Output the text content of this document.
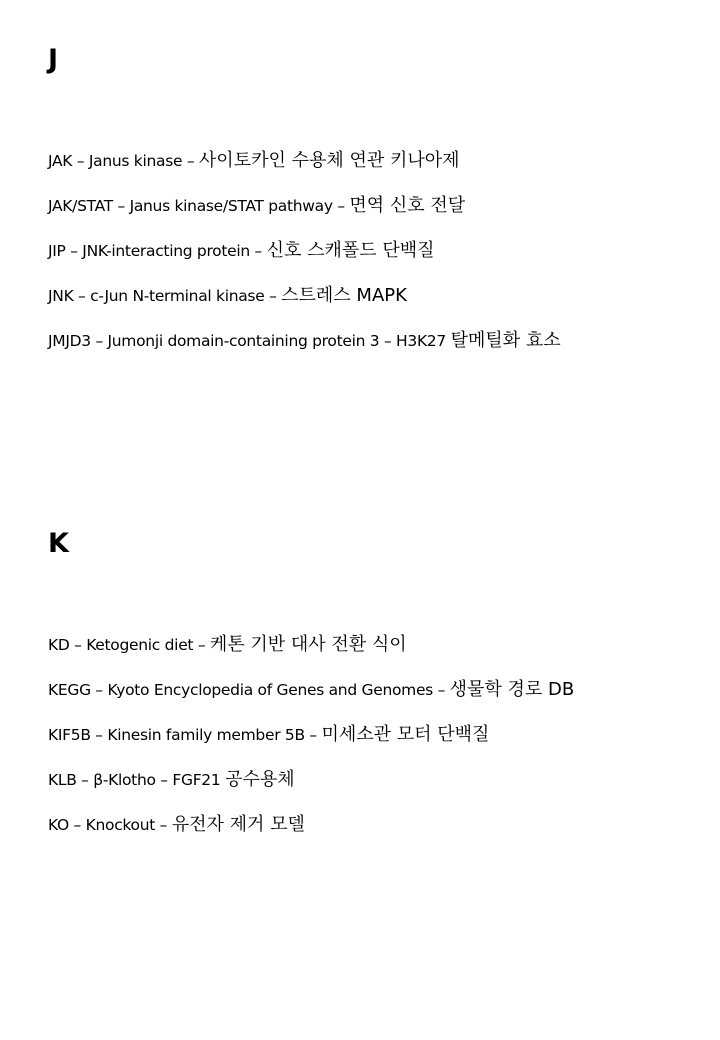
J
JAK – Janus kinase – 사이토카인 수용체 연관 키나아제
JAK/STAT – Janus kinase/STAT pathway – 면역 신호 전달
JIP – JNK-interacting protein – 신호 스캐폴드 단백질
JNK – c-Jun N-terminal kinase – 스트레스 MAPK
JMJD3 – Jumonji domain-containing protein 3 – H3K27 탈메틸화 효소
K
KD – Ketogenic diet – 케톤 기반 대사 전환 식이
KEGG – Kyoto Encyclopedia of Genes and Genomes – 생물학 경로 DB
KIF5B – Kinesin family member 5B – 미세소관 모터 단백질
KLB – β-Klotho – FGF21 공수용체
KO – Knockout – 유전자 제거 모델
